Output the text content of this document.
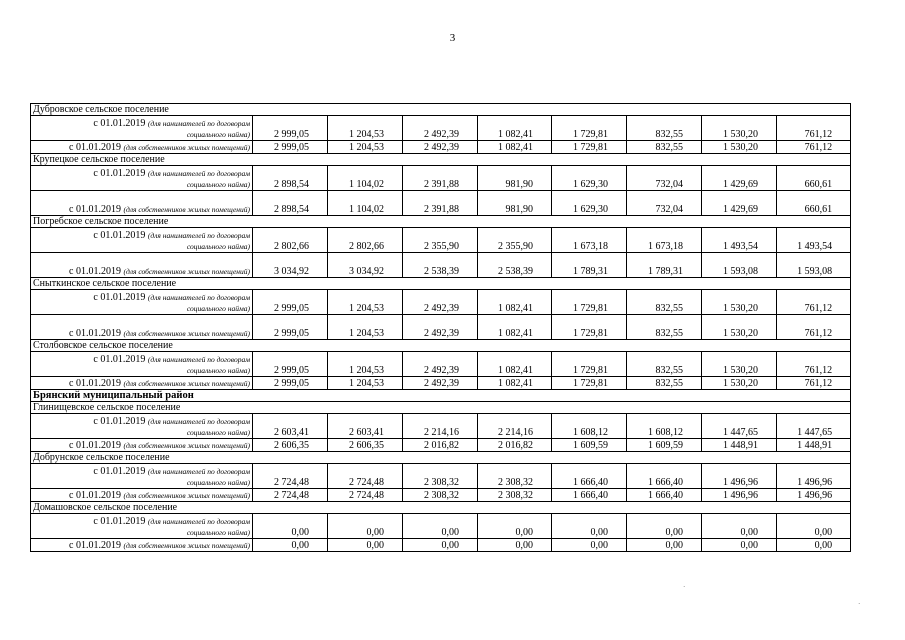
3
Дубровское сельское поселение								

с 01.01.2019 (для нанимателей по договорам
социального найма)	2 999,05	1 204,53	2 492,39	1 082,41	1 729,81	832,55	1 530,20	761,12

с 01.01.2019 (для собственников жилых помещений)	2 999,05	1 204,53	2 492,39	1 082,41	1 729,81	832,55	1 530,20	761,12
Крупецкое сельское поселение								

с 01.01.2019 (для нанимателей по договорам
социального найма)	2 898,54	1 104,02	2 391,88	981,90	1 629,30	732,04	1 429,69	660,61

с 01.01.2019 (для собственников жилых помещений)	2 898,54	1 104,02	2 391,88	981,90	1 629,30	732,04	1 429,69	660,61
Погребское сельское поселение								

с 01.01.2019 (для нанимателей по договорам
социального найма)	2 802,66	2 802,66	2 355,90	2 355,90	1 673,18	1 673,18	1 493,54	1 493,54

с 01.01.2019 (для собственников жилых помещений)	3 034,92	3 034,92	2 538,39	2 538,39	1 789,31	1 789,31	1 593,08	1 593,08
Сныткинское сельское поселение								

с 01.01.2019 (для нанимателей по договорам
социального найма)	2 999,05	1 204,53	2 492,39	1 082,41	1 729,81	832,55	1 530,20	761,12

с 01.01.2019 (для собственников жилых помещений)	2 999,05	1 204,53	2 492,39	1 082,41	1 729,81	832,55	1 530,20	761,12
Столбовское сельское поселение								

с 01.01.2019 (для нанимателей по договорам
социального найма)	2 999,05	1 204,53	2 492,39	1 082,41	1 729,81	832,55	1 530,20	761,12

с 01.01.2019 (для собственников жилых помещений)	2 999,05	1 204,53	2 492,39	1 082,41	1 729,81	832,55	1 530,20	761,12
Брянский муниципальный район								
Глинищевское сельское поселение								

с 01.01.2019 (для нанимателей по договорам
социального найма)	2 603,41	2 603,41	2 214,16	2 214,16	1 608,12	1 608,12	1 447,65	1 447,65

с 01.01.2019 (для собственников жилых помещений)	2 606,35	2 606,35	2 016,82	2 016,82	1 609,59	1 609,59	1 448,91	1 448,91
Добрунское сельское поселение								

с 01.01.2019 (для нанимателей по договорам
социального найма)	2 724,48	2 724,48	2 308,32	2 308,32	1 666,40	1 666,40	1 496,96	1 496,96

с 01.01.2019 (для собственников жилых помещений)	2 724,48	2 724,48	2 308,32	2 308,32	1 666,40	1 666,40	1 496,96	1 496,96
Домашовское сельское поселение								

с 01.01.2019 (для нанимателей по договорам
социального найма)	0,00	0,00	0,00	0,00	0,00	0,00	0,00	0,00

с 01.01.2019 (для собственников жилых помещений)	0,00	0,00	0,00	0,00	0,00	0,00	0,00	0,00
·
·
